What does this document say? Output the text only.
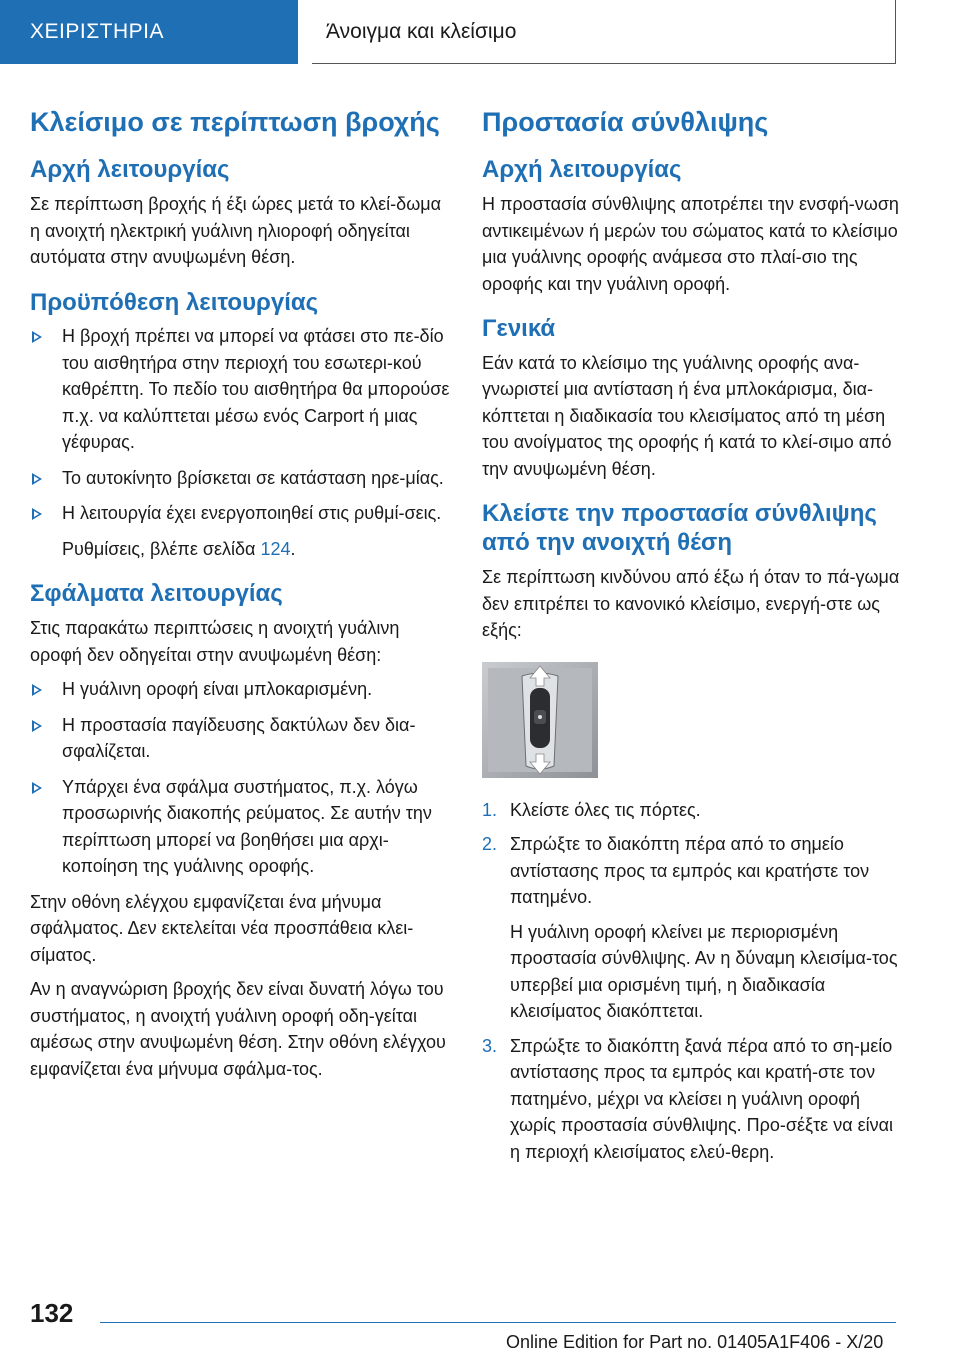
ΧΕΙΡΙΣΤΗΡΙΑ	Άνοιγμα και κλείσιμο
Κλείσιμο σε περίπτωση βροχής
Αρχή λειτουργίας

Σε περίπτωση βροχής ή έξι ώρες μετά το κλεί-δωμα η ανοιχτή ηλεκτρική γυάλινη ηλιοροφή οδηγείται αυτόματα στην ανυψωμένη θέση.

Προϋπόθεση λειτουργίας
Η βροχή πρέπει να μπορεί να φτάσει στο πε-δίο του αισθητήρα στην περιοχή του εσωτερι-κού καθρέπτη. Το πεδίο του αισθητήρα θα μπορούσε π.χ. να καλύπτεται μέσω ενός Carport ή μιας γέφυρας.
Το αυτοκίνητο βρίσκεται σε κατάσταση ηρε-μίας.
Η λειτουργία έχει ενεργοποιηθεί στις ρυθμί-σεις.

Ρυθμίσεις, βλέπε σελίδα 124.

Σφάλματα λειτουργίας

Στις παρακάτω περιπτώσεις η ανοιχτή γυάλινη οροφή δεν οδηγείται στην ανυψωμένη θέση:

Η γυάλινη οροφή είναι μπλοκαρισμένη.
Η προστασία παγίδευσης δακτύλων δεν δια-σφαλίζεται.
Υπάρχει ένα σφάλμα συστήματος, π.χ. λόγω προσωρινής διακοπής ρεύματος. Σε αυτήν την περίπτωση μπορεί να βοηθήσει μια αρχι-κοποίηση της γυάλινης οροφής.

Στην οθόνη ελέγχου εμφανίζεται ένα μήνυμα σφάλματος. Δεν εκτελείται νέα προσπάθεια κλει-σίματος.

Αν η αναγνώριση βροχής δεν είναι δυνατή λόγω του συστήματος, η ανοιχτή γυάλινη οροφή οδη-γείται αμέσως στην ανυψωμένη θέση. Στην οθόνη ελέγχου εμφανίζεται ένα μήνυμα σφάλμα-τος.

Προστασία σύνθλιψης
Αρχή λειτουργίας

Η προστασία σύνθλιψης αποτρέπει την ενσφή-νωση αντικειμένων ή μερών του σώματος κατά το κλείσιμο μια γυάλινης οροφής ανάμεσα στο πλαί-σιο της οροφής και την γυάλινη οροφή.

Γενικά

Εάν κατά το κλείσιμο της γυάλινης οροφής ανα-γνωριστεί μια αντίσταση ή ένα μπλοκάρισμα, δια-κόπτεται η διαδικασία του κλεισίματος από τη μέση του ανοίγματος της οροφής ή κατά το κλεί-σιμο από την ανυψωμένη θέση.

Κλείστε την προστασία σύνθλιψης από την ανοιχτή θέση

Σε περίπτωση κινδύνου από έξω ή όταν το πά-γωμα δεν επιτρέπει το κανονικό κλείσιμο, ενεργή-στε ως εξής:

1. Κλείστε όλες τις πόρτες.
2. Σπρώξτε το διακόπτη πέρα από το σημείο αντίστασης προς τα εμπρός και κρατήστε τον πατημένο.
Η γυάλινη οροφή κλείνει με περιορισμένη προστασία σύνθλιψης. Αν η δύναμη κλεισίμα-τος υπερβεί μια ορισμένη τιμή, η διαδικασία κλεισίματος διακόπτεται.
3. Σπρώξτε το διακόπτη ξανά πέρα από το ση-μείο αντίστασης προς τα εμπρός και κρατή-στε τον πατημένο, μέχρι να κλείσει η γυάλινη οροφή χωρίς προστασία σύνθλιψης. Προ-σέξτε να είναι η περιοχή κλεισίματος ελεύ-θερη.
132
Online Edition for Part no. 01405A1F406 - X/20
